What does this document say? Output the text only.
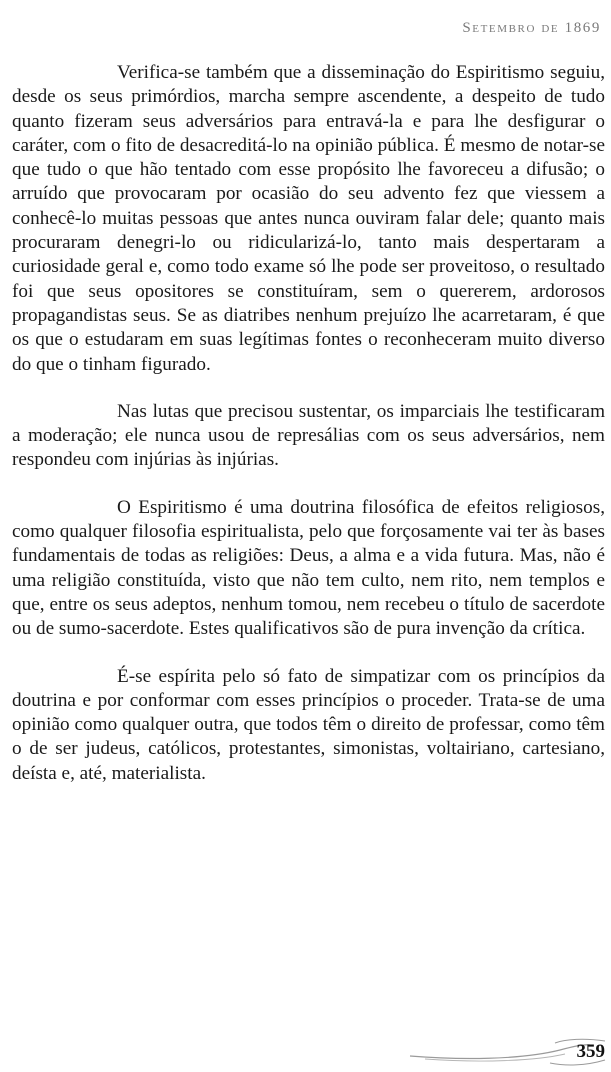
Setembro de 1869

Verifica-se também que a disseminação do Espiritismo seguiu, desde os seus primórdios, marcha sempre ascendente, a despeito de tudo quanto fizeram seus adversários para entravá-la e para lhe desfigurar o caráter, com o fito de desacreditá-lo na opinião pública. É mesmo de notar-se que tudo o que hão tentado com esse propósito lhe favoreceu a difusão; o arruído que provocaram por ocasião do seu advento fez que viessem a conhecê-lo muitas pessoas que antes nunca ouviram falar dele; quanto mais procuraram denegri-lo ou ridicularizá-lo, tanto mais despertaram a curiosidade geral e, como todo exame só lhe pode ser proveitoso, o resultado foi que seus opositores se constituíram, sem o quererem, ardorosos propagandistas seus. Se as diatribes nenhum prejuízo lhe acarretaram, é que os que o estudaram em suas legítimas fontes o reconheceram muito diverso do que o tinham figurado.

Nas lutas que precisou sustentar, os imparciais lhe testificaram a moderação; ele nunca usou de represálias com os seus adversários, nem respondeu com injúrias às injúrias.

O Espiritismo é uma doutrina filosófica de efeitos religiosos, como qualquer filosofia espiritualista, pelo que forçosamente vai ter às bases fundamentais de todas as religiões: Deus, a alma e a vida futura. Mas, não é uma religião constituída, visto que não tem culto, nem rito, nem templos e que, entre os seus adeptos, nenhum tomou, nem recebeu o título de sacerdote ou de sumo-sacerdote. Estes qualificativos são de pura invenção da crítica.

É-se espírita pelo só fato de simpatizar com os princípios da doutrina e por conformar com esses princípios o proceder. Trata-se de uma opinião como qualquer outra, que todos têm o direito de professar, como têm o de ser judeus, católicos, protestantes, simonistas, voltairiano, cartesiano, deísta e, até, materialista.

359
